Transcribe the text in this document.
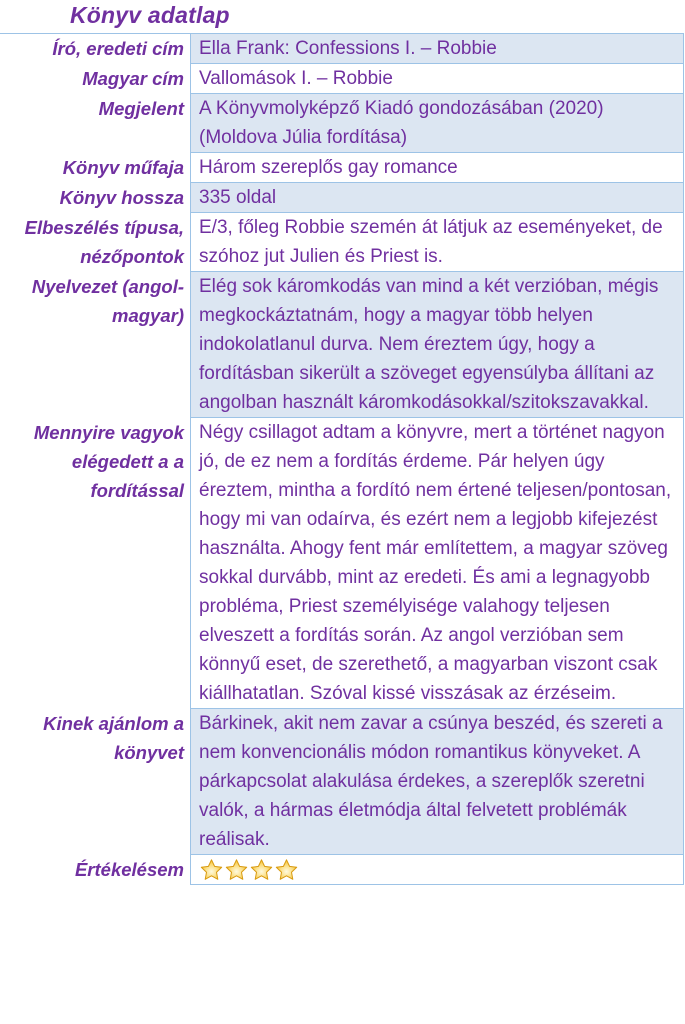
Könyv adatlap
Író, eredeti cím Ella Frank: Confessions I. – Robbie
Magyar cím Vallomások I. – Robbie
Megjelent A Könyvmolyképző Kiadó gondozásában (2020)
(Moldova Júlia fordítása)
Könyv műfaja Három szereplős gay romance
Könyv hossza 335 oldal
Elbeszélés típusa, nézőpontok
E/3, főleg Robbie szemén át látjuk az eseményeket, de szóhoz jut Julien és Priest is.
Nyelvezet (angol-magyar)
Elég sok káromkodás van mind a két verzióban, mégis megkockáztatnám, hogy a magyar több helyen indokolatlanul durva. Nem éreztem úgy, hogy a fordításban sikerült a szöveget egyensúlyba állítani az angolban használt káromkodásokkal/szitokszavakkal.
Mennyire vagyok elégedett a a fordítással
Négy csillagot adtam a könyvre, mert a történet nagyon jó, de ez nem a fordítás érdeme. Pár helyen úgy éreztem, mintha a fordító nem értené teljesen/pontosan, hogy mi van odaírva, és ezért nem a legjobb kifejezést használta. Ahogy fent már említettem, a magyar szöveg sokkal durvább, mint az eredeti. És ami a legnagyobb probléma, Priest személyisége valahogy teljesen elveszett a fordítás során. Az angol verzióban sem könnyű eset, de szerethető, a magyarban viszont csak kiállhatatlan. Szóval kissé visszásak az érzéseim.
Kinek ajánlom a könyvet
Bárkinek, akit nem zavar a csúnya beszéd, és szereti a nem konvencionális módon romantikus könyveket. A párkapcsolat alakulása érdekes, a szereplők szeretni valók, a hármas életmódja által felvetett problémák reálisak.
Értékelésem
